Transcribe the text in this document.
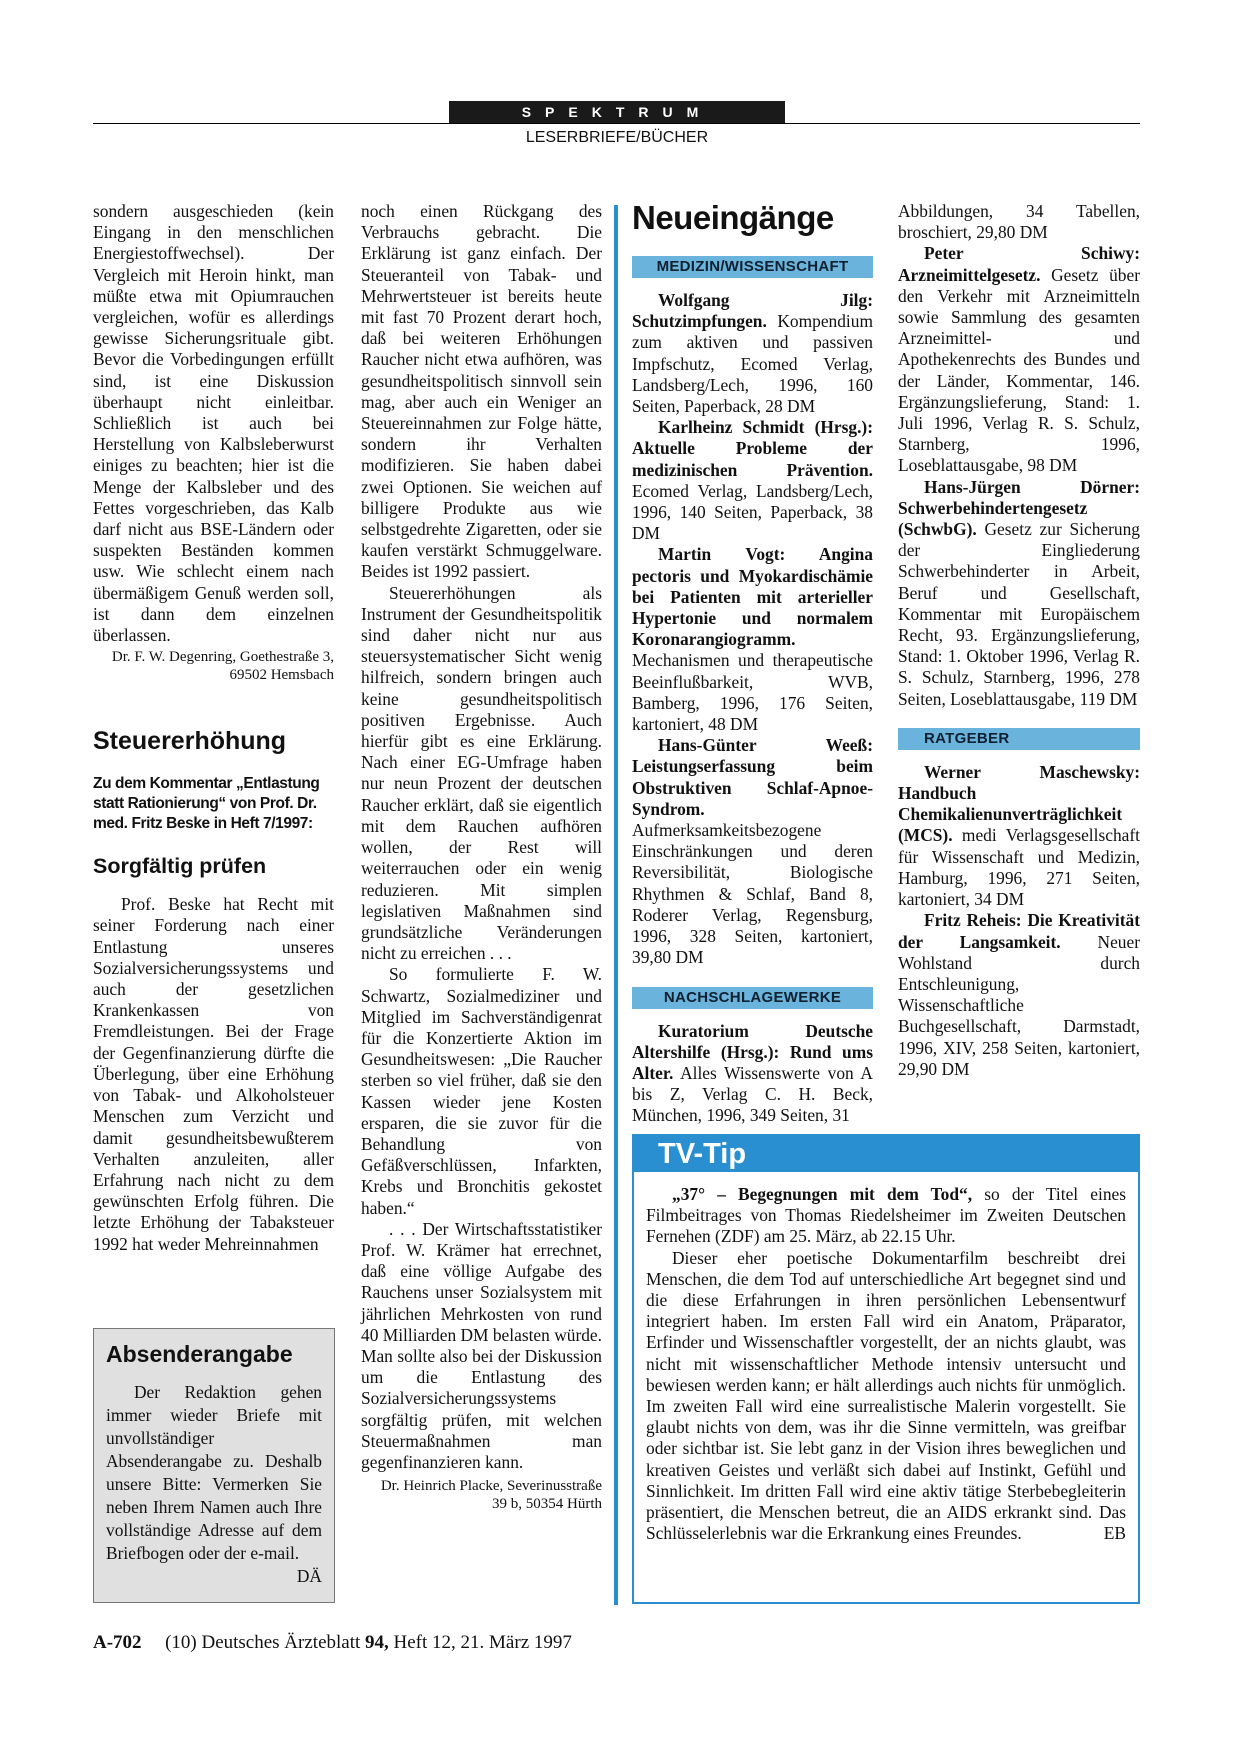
SPEKTRUM
LESERBRIEFE/BÜCHER

sondern ausgeschieden (kein Eingang in den menschlichen Energiestoffwechsel). Der Vergleich mit Heroin hinkt, man müßte etwa mit Opiumrauchen vergleichen, wofür es allerdings gewisse Sicherungsrituale gibt. Bevor die Vorbedingungen erfüllt sind, ist eine Diskussion überhaupt nicht einleitbar. Schließlich ist auch bei Herstellung von Kalbsleberwurst einiges zu beachten; hier ist die Menge der Kalbsleber und des Fettes vorgeschrieben, das Kalb darf nicht aus BSE-Ländern oder suspekten Beständen kommen usw. Wie schlecht einem nach übermäßigem Genuß werden soll, ist dann dem einzelnen überlassen.

Dr. F. W. Degenring, Goethestraße 3, 69502 Hemsbach

Steuererhöhung

Zu dem Kommentar „Entlastung statt Rationierung“ von Prof. Dr. med. Fritz Beske in Heft 7/1997:

Sorgfältig prüfen

Prof. Beske hat Recht mit seiner Forderung nach einer Entlastung unseres Sozialversicherungssystems und auch der gesetzlichen Krankenkassen von Fremdleistungen. Bei der Frage der Gegenfinanzierung dürfte die Überlegung, über eine Erhöhung von Tabak- und Alkoholsteuer Menschen zum Verzicht und damit gesundheitsbewußterem Verhalten anzuleiten, aller Erfahrung nach nicht zu dem gewünschten Erfolg führen. Die letzte Erhöhung der Tabaksteuer 1992 hat weder Mehreinnahmen

Absenderangabe

Der Redaktion gehen immer wieder Briefe mit unvollständiger Absenderangabe zu. Deshalb unsere Bitte: Vermerken Sie neben Ihrem Namen auch Ihre vollständige Adresse auf dem Briefbogen oder der e-mail.
DÄ

noch einen Rückgang des Verbrauchs gebracht. Die Erklärung ist ganz einfach. Der Steueranteil von Tabak- und Mehrwertsteuer ist bereits heute mit fast 70 Prozent derart hoch, daß bei weiteren Erhöhungen Raucher nicht etwa aufhören, was gesundheitspolitisch sinnvoll sein mag, aber auch ein Weniger an Steuereinnahmen zur Folge hätte, sondern ihr Verhalten modifizieren. Sie haben dabei zwei Optionen. Sie weichen auf billigere Produkte aus wie selbstgedrehte Zigaretten, oder sie kaufen verstärkt Schmuggelware. Beides ist 1992 passiert.

Steuererhöhungen als Instrument der Gesundheitspolitik sind daher nicht nur aus steuersystematischer Sicht wenig hilfreich, sondern bringen auch keine gesundheitspolitisch positiven Ergebnisse. Auch hierfür gibt es eine Erklärung. Nach einer EG-Umfrage haben nur neun Prozent der deutschen Raucher erklärt, daß sie eigentlich mit dem Rauchen aufhören wollen, der Rest will weiterrauchen oder ein wenig reduzieren. Mit simplen legislativen Maßnahmen sind grundsätzliche Veränderungen nicht zu erreichen . . .

So formulierte F. W. Schwartz, Sozialmediziner und Mitglied im Sachverständigenrat für die Konzertierte Aktion im Gesundheitswesen: „Die Raucher sterben so viel früher, daß sie den Kassen wieder jene Kosten ersparen, die sie zuvor für die Behandlung von Gefäßverschlüssen, Infarkten, Krebs und Bronchitis gekostet haben.“

. . . Der Wirtschaftsstatistiker Prof. W. Krämer hat errechnet, daß eine völlige Aufgabe des Rauchens unser Sozialsystem mit jährlichen Mehrkosten von rund 40 Milliarden DM belasten würde. Man sollte also bei der Diskussion um die Entlastung des Sozialversicherungssystems sorgfältig prüfen, mit welchen Steuermaßnahmen man gegenfinanzieren kann.

Dr. Heinrich Placke, Severinusstraße 39 b, 50354 Hürth

Neueingänge
MEDIZIN/WISSENSCHAFT

Wolfgang Jilg: Schutzimpfungen. Kompendium zum aktiven und passiven Impfschutz, Ecomed Verlag, Landsberg/Lech, 1996, 160 Seiten, Paperback, 28 DM

Karlheinz Schmidt (Hrsg.): Aktuelle Probleme der medizinischen Prävention. Ecomed Verlag, Landsberg/Lech, 1996, 140 Seiten, Paperback, 38 DM

Martin Vogt: Angina pectoris und Myokardischämie bei Patienten mit arterieller Hypertonie und normalem Koronarangiogramm. Mechanismen und therapeutische Beeinflußbarkeit, WVB, Bamberg, 1996, 176 Seiten, kartoniert, 48 DM

Hans-Günter Weeß: Leistungserfassung beim Obstruktiven Schlaf-Apnoe-Syndrom. Aufmerksamkeitsbezogene Einschränkungen und deren Reversibilität, Biologische Rhythmen & Schlaf, Band 8, Roderer Verlag, Regensburg, 1996, 328 Seiten, kartoniert, 39,80 DM

NACHSCHLAGEWERKE

Kuratorium Deutsche Altershilfe (Hrsg.): Rund ums Alter. Alles Wissenswerte von A bis Z, Verlag C. H. Beck, München, 1996, 349 Seiten, 31

Abbildungen, 34 Tabellen, broschiert, 29,80 DM

Peter Schiwy: Arzneimittelgesetz. Gesetz über den Verkehr mit Arzneimitteln sowie Sammlung des gesamten Arzneimittel- und Apothekenrechts des Bundes und der Länder, Kommentar, 146. Ergänzungslieferung, Stand: 1. Juli 1996, Verlag R. S. Schulz, Starnberg, 1996, Loseblattausgabe, 98 DM

Hans-Jürgen Dörner: Schwerbehindertengesetz (SchwbG). Gesetz zur Sicherung der Eingliederung Schwerbehinderter in Arbeit, Beruf und Gesellschaft, Kommentar mit Europäischem Recht, 93. Ergänzungslieferung, Stand: 1. Oktober 1996, Verlag R. S. Schulz, Starnberg, 1996, 278 Seiten, Loseblattausgabe, 119 DM

RATGEBER

Werner Maschewsky: Handbuch Chemikalienunverträglichkeit (MCS). medi Verlagsgesellschaft für Wissenschaft und Medizin, Hamburg, 1996, 271 Seiten, kartoniert, 34 DM

Fritz Reheis: Die Kreativität der Langsamkeit. Neuer Wohlstand durch Entschleunigung, Wissenschaftliche Buchgesellschaft, Darmstadt, 1996, XIV, 258 Seiten, kartoniert, 29,90 DM

TV-Tip

„37° – Begegnungen mit dem Tod“, so der Titel eines Filmbeitrages von Thomas Riedelsheimer im Zweiten Deutschen Fernehen (ZDF) am 25. März, ab 22.15 Uhr.

Dieser eher poetische Dokumentarfilm beschreibt drei Menschen, die dem Tod auf unterschiedliche Art begegnet sind und die diese Erfahrungen in ihren persönlichen Lebensentwurf integriert haben. Im ersten Fall wird ein Anatom, Präparator, Erfinder und Wissenschaftler vorgestellt, der an nichts glaubt, was nicht mit wissenschaftlicher Methode intensiv untersucht und bewiesen werden kann; er hält allerdings auch nichts für unmöglich. Im zweiten Fall wird eine surrealistische Malerin vorgestellt. Sie glaubt nichts von dem, was ihr die Sinne vermitteln, was greifbar oder sichtbar ist. Sie lebt ganz in der Vision ihres beweglichen und kreativen Geistes und verläßt sich dabei auf Instinkt, Gefühl und Sinnlichkeit. Im dritten Fall wird eine aktiv tätige Sterbebegleiterin präsentiert, die Menschen betreut, die an AIDS erkrankt sind. Das Schlüsselerlebnis war die Erkrankung eines Freundes.	EB

A-702 (10) Deutsches Ärzteblatt 94, Heft 12, 21. März 1997
